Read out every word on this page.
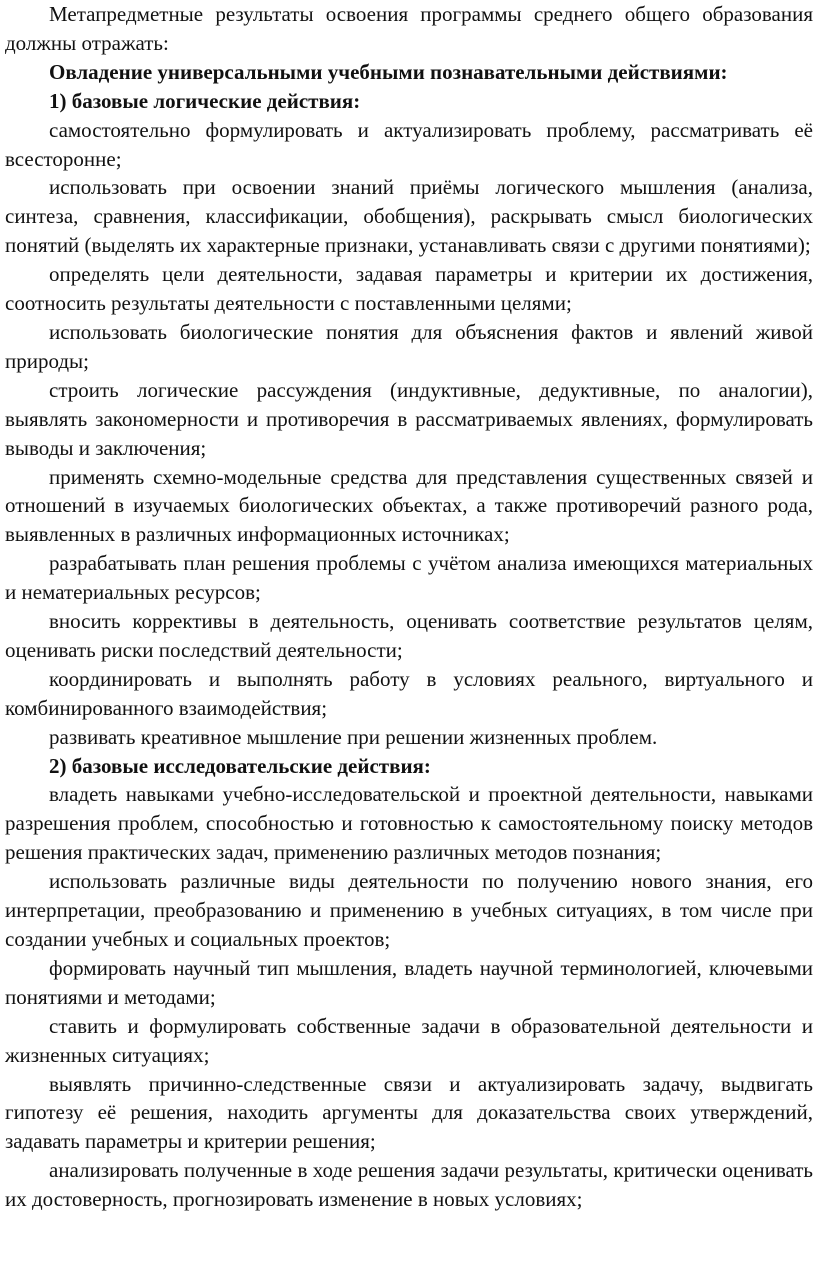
Метапредметные результаты освоения программы среднего общего образования должны отражать:

Овладение универсальными учебными познавательными действиями:

1) базовые логические действия:

самостоятельно формулировать и актуализировать проблему, рассматривать её всесторонне;

использовать при освоении знаний приёмы логического мышления (анализа, синтеза, сравнения, классификации, обобщения), раскрывать смысл биологических понятий (выделять их характерные признаки, устанавливать связи с другими понятиями);

определять цели деятельности, задавая параметры и критерии их достижения, соотносить результаты деятельности с поставленными целями;

использовать биологические понятия для объяснения фактов и явлений живой природы;

строить логические рассуждения (индуктивные, дедуктивные, по аналогии), выявлять закономерности и противоречия в рассматриваемых явлениях, формулировать выводы и заключения;

применять схемно-модельные средства для представления существенных связей и отношений в изучаемых биологических объектах, а также противоречий разного рода, выявленных в различных информационных источниках;

разрабатывать план решения проблемы с учётом анализа имеющихся материальных и нематериальных ресурсов;

вносить коррективы в деятельность, оценивать соответствие результатов целям, оценивать риски последствий деятельности;

координировать и выполнять работу в условиях реального, виртуального и комбинированного взаимодействия;

развивать креативное мышление при решении жизненных проблем.

2) базовые исследовательские действия:

владеть навыками учебно-исследовательской и проектной деятельности, навыками разрешения проблем, способностью и готовностью к самостоятельному поиску методов решения практических задач, применению различных методов познания;

использовать различные виды деятельности по получению нового знания, его интерпретации, преобразованию и применению в учебных ситуациях, в том числе при создании учебных и социальных проектов;

формировать научный тип мышления, владеть научной терминологией, ключевыми понятиями и методами;

ставить и формулировать собственные задачи в образовательной деятельности и жизненных ситуациях;

выявлять причинно-следственные связи и актуализировать задачу, выдвигать гипотезу её решения, находить аргументы для доказательства своих утверждений, задавать параметры и критерии решения;

анализировать полученные в ходе решения задачи результаты, критически оценивать их достоверность, прогнозировать изменение в новых условиях;
